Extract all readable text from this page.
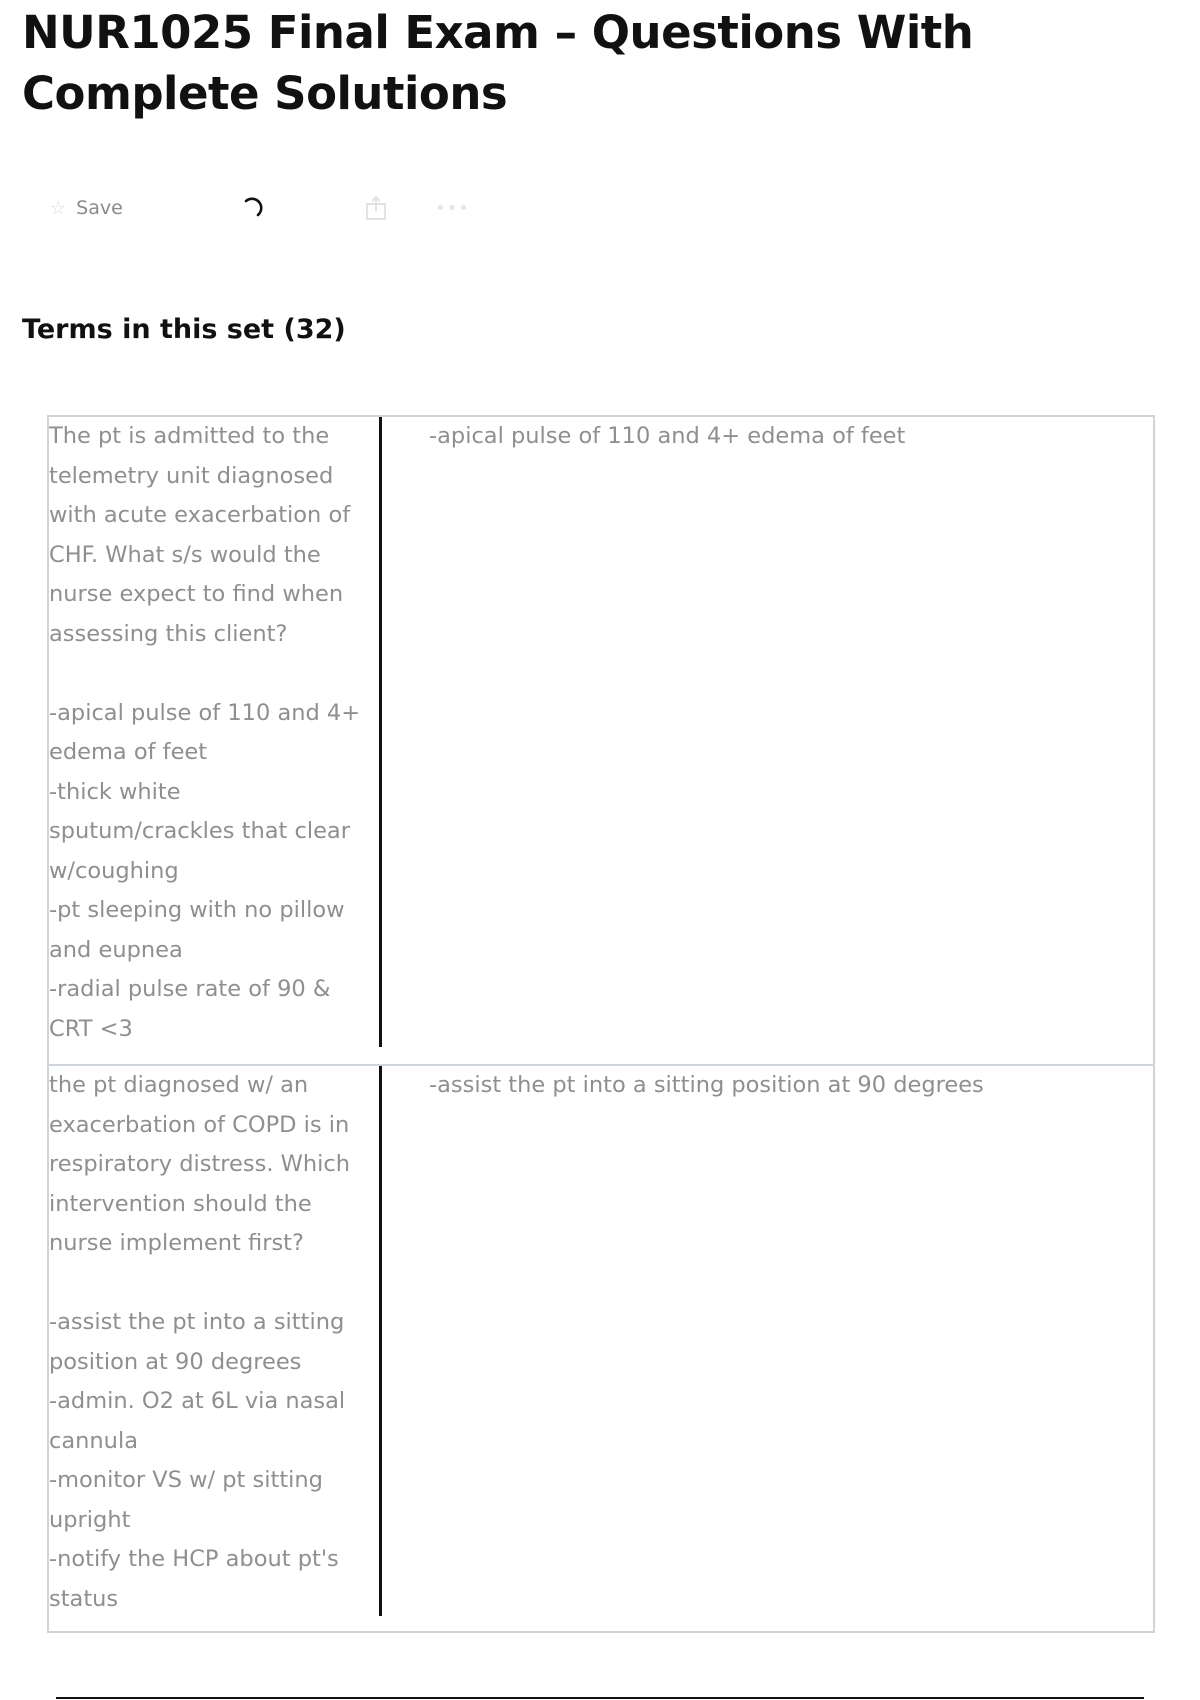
NUR1025 Final Exam – Questions With Complete Solutions
☆ Save	•••
Terms in this set (32)
The pt is admitted to the telemetry unit diagnosed with acute exacerbation of CHF. What s/s would the nurse expect to find when assessing this client?

-apical pulse of 110 and 4+ edema of feet
-thick white sputum/crackles that clear w/coughing
-pt sleeping with no pillow and eupnea
-radial pulse rate of 90 & CRT <3
-apical pulse of 110 and 4+ edema of feet
the pt diagnosed w/ an exacerbation of COPD is in respiratory distress. Which intervention should the nurse implement first?

-assist the pt into a sitting position at 90 degrees
-admin. O2 at 6L via nasal cannula
-monitor VS w/ pt sitting upright
-notify the HCP about pt's status
-assist the pt into a sitting position at 90 degrees
